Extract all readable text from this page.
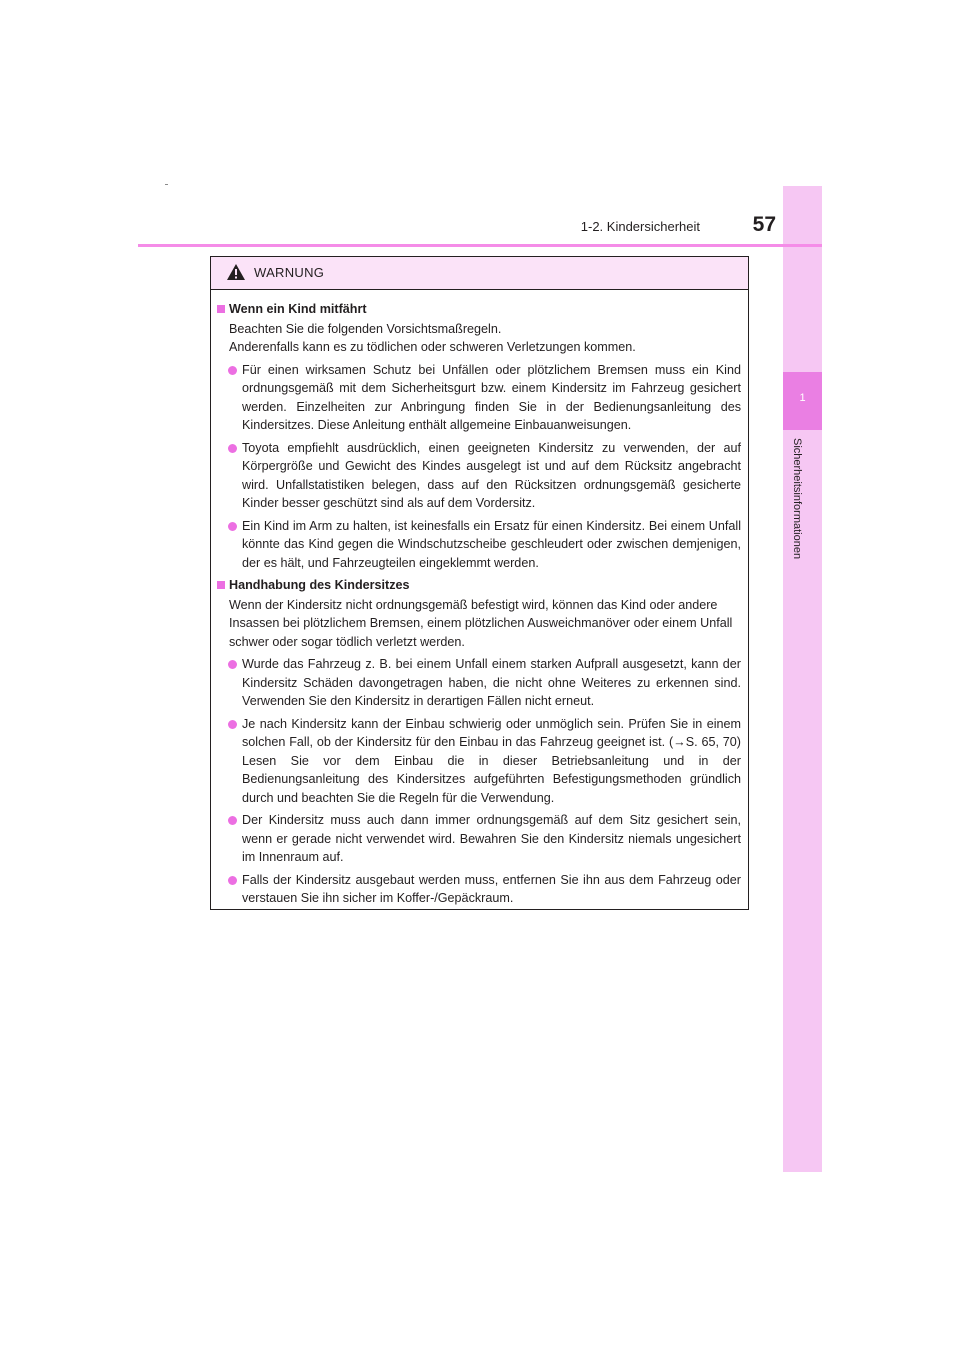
1
Sicherheitsinformationen
1-2. Kindersicherheit	57
WARNUNG
Wenn ein Kind mitfährt
Beachten Sie die folgenden Vorsichtsmaßregeln.
Anderenfalls kann es zu tödlichen oder schweren Verletzungen kommen.
Für einen wirksamen Schutz bei Unfällen oder plötzlichem Bremsen muss ein Kind ordnungsgemäß mit dem Sicherheitsgurt bzw. einem Kindersitz im Fahrzeug gesichert werden. Einzelheiten zur Anbringung finden Sie in der Bedienungsanleitung des Kindersitzes. Diese Anleitung enthält allgemeine Einbauanweisungen.
Toyota empfiehlt ausdrücklich, einen geeigneten Kindersitz zu verwenden, der auf Körpergröße und Gewicht des Kindes ausgelegt ist und auf dem Rücksitz angebracht wird. Unfallstatistiken belegen, dass auf den Rücksitzen ordnungsgemäß gesicherte Kinder besser geschützt sind als auf dem Vordersitz.
Ein Kind im Arm zu halten, ist keinesfalls ein Ersatz für einen Kindersitz. Bei einem Unfall könnte das Kind gegen die Windschutzscheibe geschleudert oder zwischen demjenigen, der es hält, und Fahrzeugteilen eingeklemmt werden.
Handhabung des Kindersitzes
Wenn der Kindersitz nicht ordnungsgemäß befestigt wird, können das Kind oder andere Insassen bei plötzlichem Bremsen, einem plötzlichen Ausweichmanöver oder einem Unfall schwer oder sogar tödlich verletzt werden.
Wurde das Fahrzeug z. B. bei einem Unfall einem starken Aufprall ausgesetzt, kann der Kindersitz Schäden davongetragen haben, die nicht ohne Weiteres zu erkennen sind. Verwenden Sie den Kindersitz in derartigen Fällen nicht erneut.
Je nach Kindersitz kann der Einbau schwierig oder unmöglich sein. Prüfen Sie in einem solchen Fall, ob der Kindersitz für den Einbau in das Fahrzeug geeignet ist. (→S. 65, 70) Lesen Sie vor dem Einbau die in dieser Betriebsanleitung und in der Bedienungsanleitung des Kindersitzes aufgeführten Befestigungsmethoden gründlich durch und beachten Sie die Regeln für die Verwendung.
Der Kindersitz muss auch dann immer ordnungsgemäß auf dem Sitz gesichert sein, wenn er gerade nicht verwendet wird. Bewahren Sie den Kindersitz niemals ungesichert im Innenraum auf.
Falls der Kindersitz ausgebaut werden muss, entfernen Sie ihn aus dem Fahrzeug oder verstauen Sie ihn sicher im Koffer-/Gepäckraum.
